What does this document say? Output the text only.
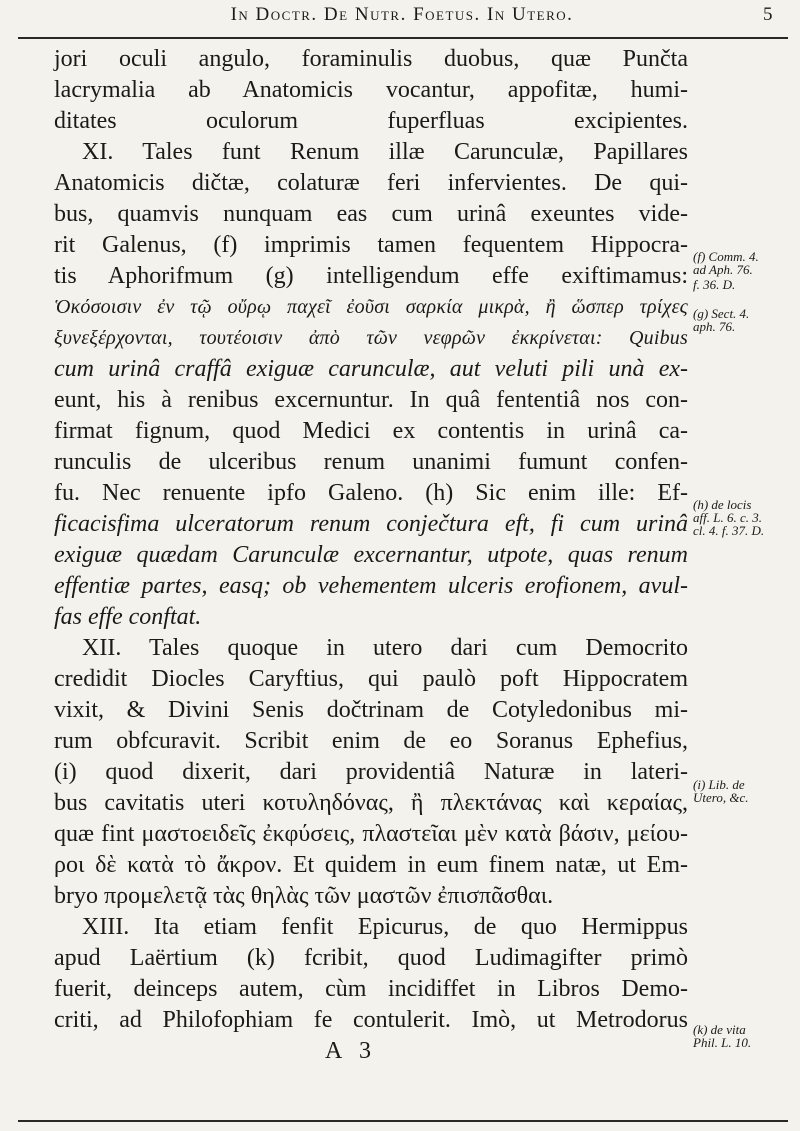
In Doctr. De Nutr. Foetus. In Utero.	5
jori oculi angulo, foraminulis duobus, quæ Punčta
lacrymalia ab Anatomicis vocantur, appofitæ, humi-
ditates oculorum fuperfluas excipientes.
XI. Tales funt Renum illæ Carunculæ, Papillares
Anatomicis dičtæ, colaturæ feri infervientes. De qui-
bus, quamvis nunquam eas cum urinâ exeuntes vide-
rit Galenus, (f) imprimis tamen fequentem Hippocra-
tis Aphorifmum (g) intelligendum effe exiftimamus:
Ὁκόσοισιν ἐν τῷ οὔρῳ παχεῖ ἐοῦσι σαρκία μικρὰ, ἢ ὥσπερ τρίχες
ξυνεξέρχονται, τουτέοισιν ἀπὸ τῶν νεφρῶν ἐκκρίνεται: Quibus
cum urinâ craffâ exiguæ carunculæ, aut veluti pili unà ex-
eunt, his à renibus excernuntur. In quâ fententiâ nos con-
firmat fignum, quod Medici ex contentis in urinâ ca-
runculis de ulceribus renum unanimi fumunt confen-
fu. Nec renuente ipfo Galeno. (h) Sic enim ille: Ef-
ficacisfima ulceratorum renum conječtura eft, fi cum urinâ
exiguæ quædam Carunculæ excernantur, utpote, quas renum
effentiæ partes, easq; ob vehementem ulceris erofionem, avul-
fas effe conftat.
XII. Tales quoque in utero dari cum Democrito
credidit Diocles Caryftius, qui paulò poft Hippocratem
vixit, & Divini Senis dočtrinam de Cotyledonibus mi-
rum obfcuravit. Scribit enim de eo Soranus Ephefius,
(i) quod dixerit, dari providentiâ Naturæ in lateri-
bus cavitatis uteri κοτυληδόνας, ἢ πλεκτάνας καὶ κεραίας,
quæ fint μαστοειδεῖς ἐκφύσεις, πλαστεῖαι μὲν κατὰ βάσιν, μείου-
ροι δὲ κατὰ τὸ ἄκρον. Et quidem in eum finem natæ, ut Em-
bryo προμελετᾷ τὰς θηλὰς τῶν μαστῶν ἐπισπᾶσθαι.
XIII. Ita etiam fenfit Epicurus, de quo Hermippus
apud Laërtium (k) fcribit, quod Ludimagifter primò
fuerit, deinceps autem, cùm incidiffet in Libros Demo-
criti, ad Philofophiam fe contulerit. Imò, ut Metrodorus
A 3
(f) Comm. 4.
ad Aph. 76.
f. 36. D.
(g) Sect. 4.
aph. 76.
(h) de locis
aff. L. 6. c. 3.
cl. 4. f. 37. D.
(i) Lib. de
Utero, &c.
(k) de vita
Phil. L. 10.
